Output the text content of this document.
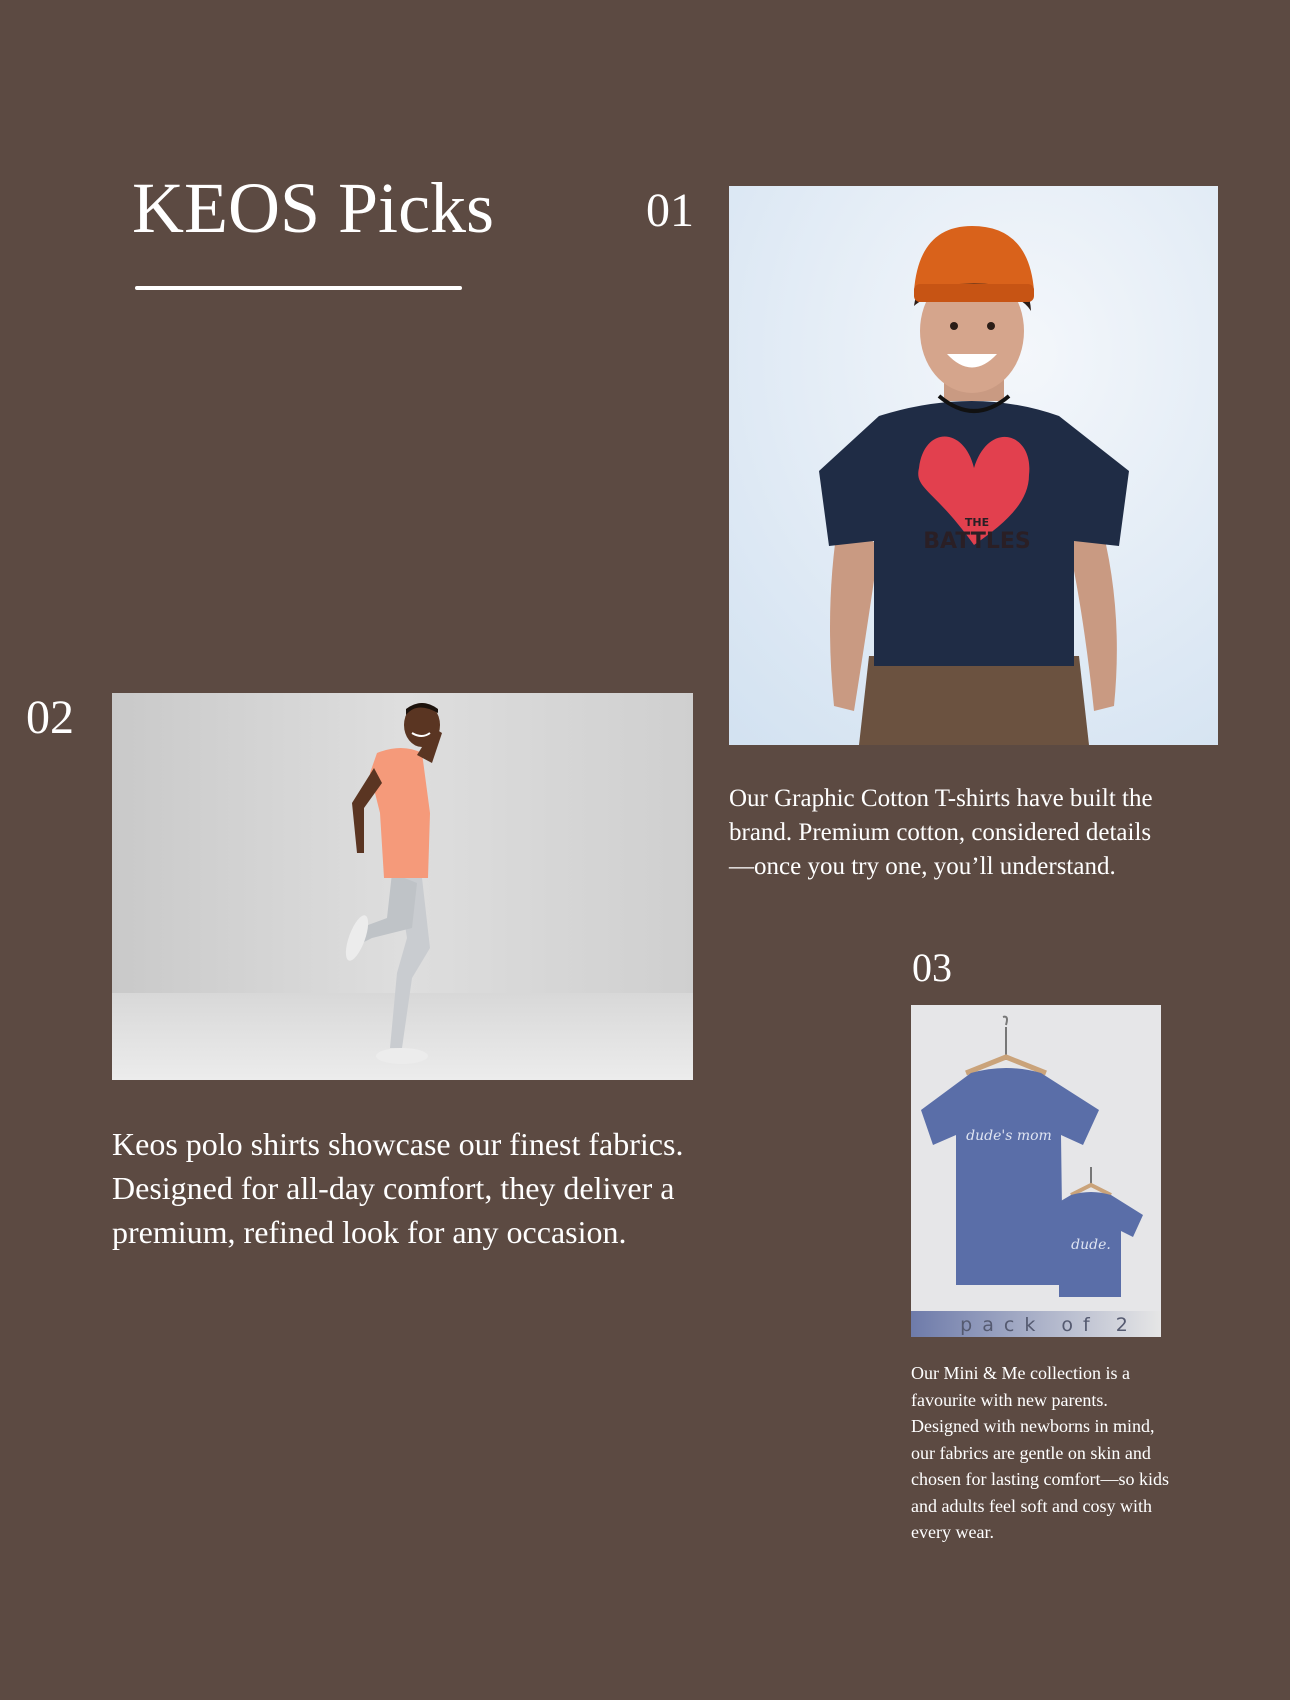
KEOS Picks	01
THE
BATTLES

Our Graphic Cotton T-shirts have built the brand. Premium cotton, considered details—once you try one, you’ll understand.

02

Keos polo shirts showcase our finest fabrics. Designed for all-day comfort, they deliver a premium, refined look for any occasion.

03
dude's mom
dude.
pack of 2

Our Mini & Me collection is a favourite with new parents. Designed with newborns in mind, our fabrics are gentle on skin and chosen for lasting comfort—so kids and adults feel soft and cosy with every wear.
